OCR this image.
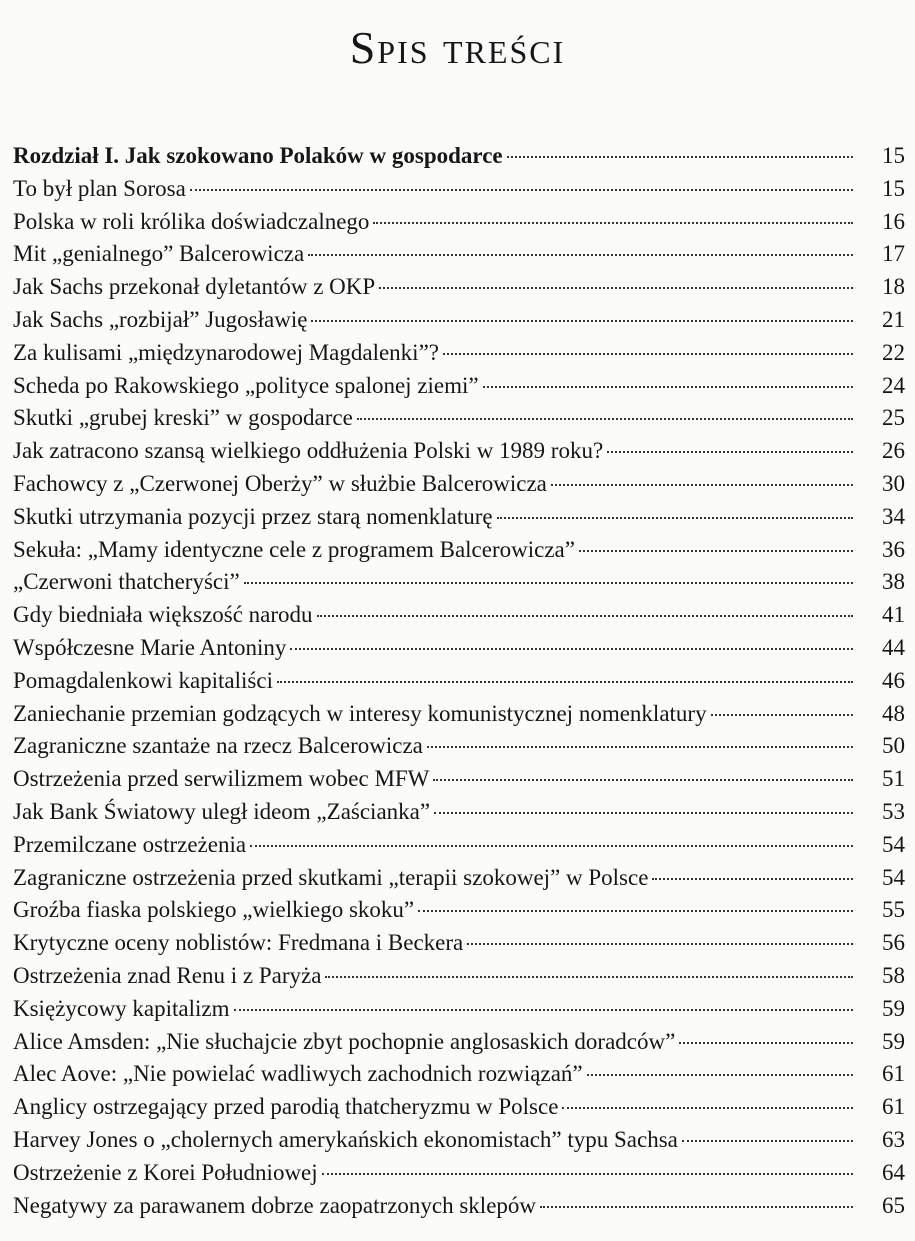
Spis treści
Rozdział I. Jak szokowano Polaków w gospodarce	15
To był plan Sorosa	15
Polska w roli królika doświadczalnego	16
Mit „genialnego” Balcerowicza	17
Jak Sachs przekonał dyletantów z OKP	18
Jak Sachs „rozbijał” Jugosławię	21
Za kulisami „międzynarodowej Magdalenki”?	22
Scheda po Rakowskiego „polityce spalonej ziemi”	24
Skutki „grubej kreski” w gospodarce	25
Jak zatracono szansą wielkiego oddłużenia Polski w 1989 roku?	26
Fachowcy z „Czerwonej Oberży” w służbie Balcerowicza	30
Skutki utrzymania pozycji przez starą nomenklaturę	34
Sekuła: „Mamy identyczne cele z programem Balcerowicza”	36
„Czerwoni thatcheryści”	38
Gdy biedniała większość narodu	41
Współczesne Marie Antoniny	44
Pomagdalenkowi kapitaliści	46
Zaniechanie przemian godzących w interesy komunistycznej nomenklatury	48
Zagraniczne szantaże na rzecz Balcerowicza	50
Ostrzeżenia przed serwilizmem wobec MFW	51
Jak Bank Światowy uległ ideom „Zaścianka”	53
Przemilczane ostrzeżenia	54
Zagraniczne ostrzeżenia przed skutkami „terapii szokowej” w Polsce	54
Groźba fiaska polskiego „wielkiego skoku”	55
Krytyczne oceny noblistów: Fredmana i Beckera	56
Ostrzeżenia znad Renu i z Paryża	58
Księżycowy kapitalizm	59
Alice Amsden: „Nie słuchajcie zbyt pochopnie anglosaskich doradców”	59
Alec Aove: „Nie powielać wadliwych zachodnich rozwiązań”	61
Anglicy ostrzegający przed parodią thatcheryzmu w Polsce	61
Harvey Jones o „cholernych amerykańskich ekonomistach” typu Sachsa	63
Ostrzeżenie z Korei Południowej	64
Negatywy za parawanem dobrze zaopatrzonych sklepów	65
